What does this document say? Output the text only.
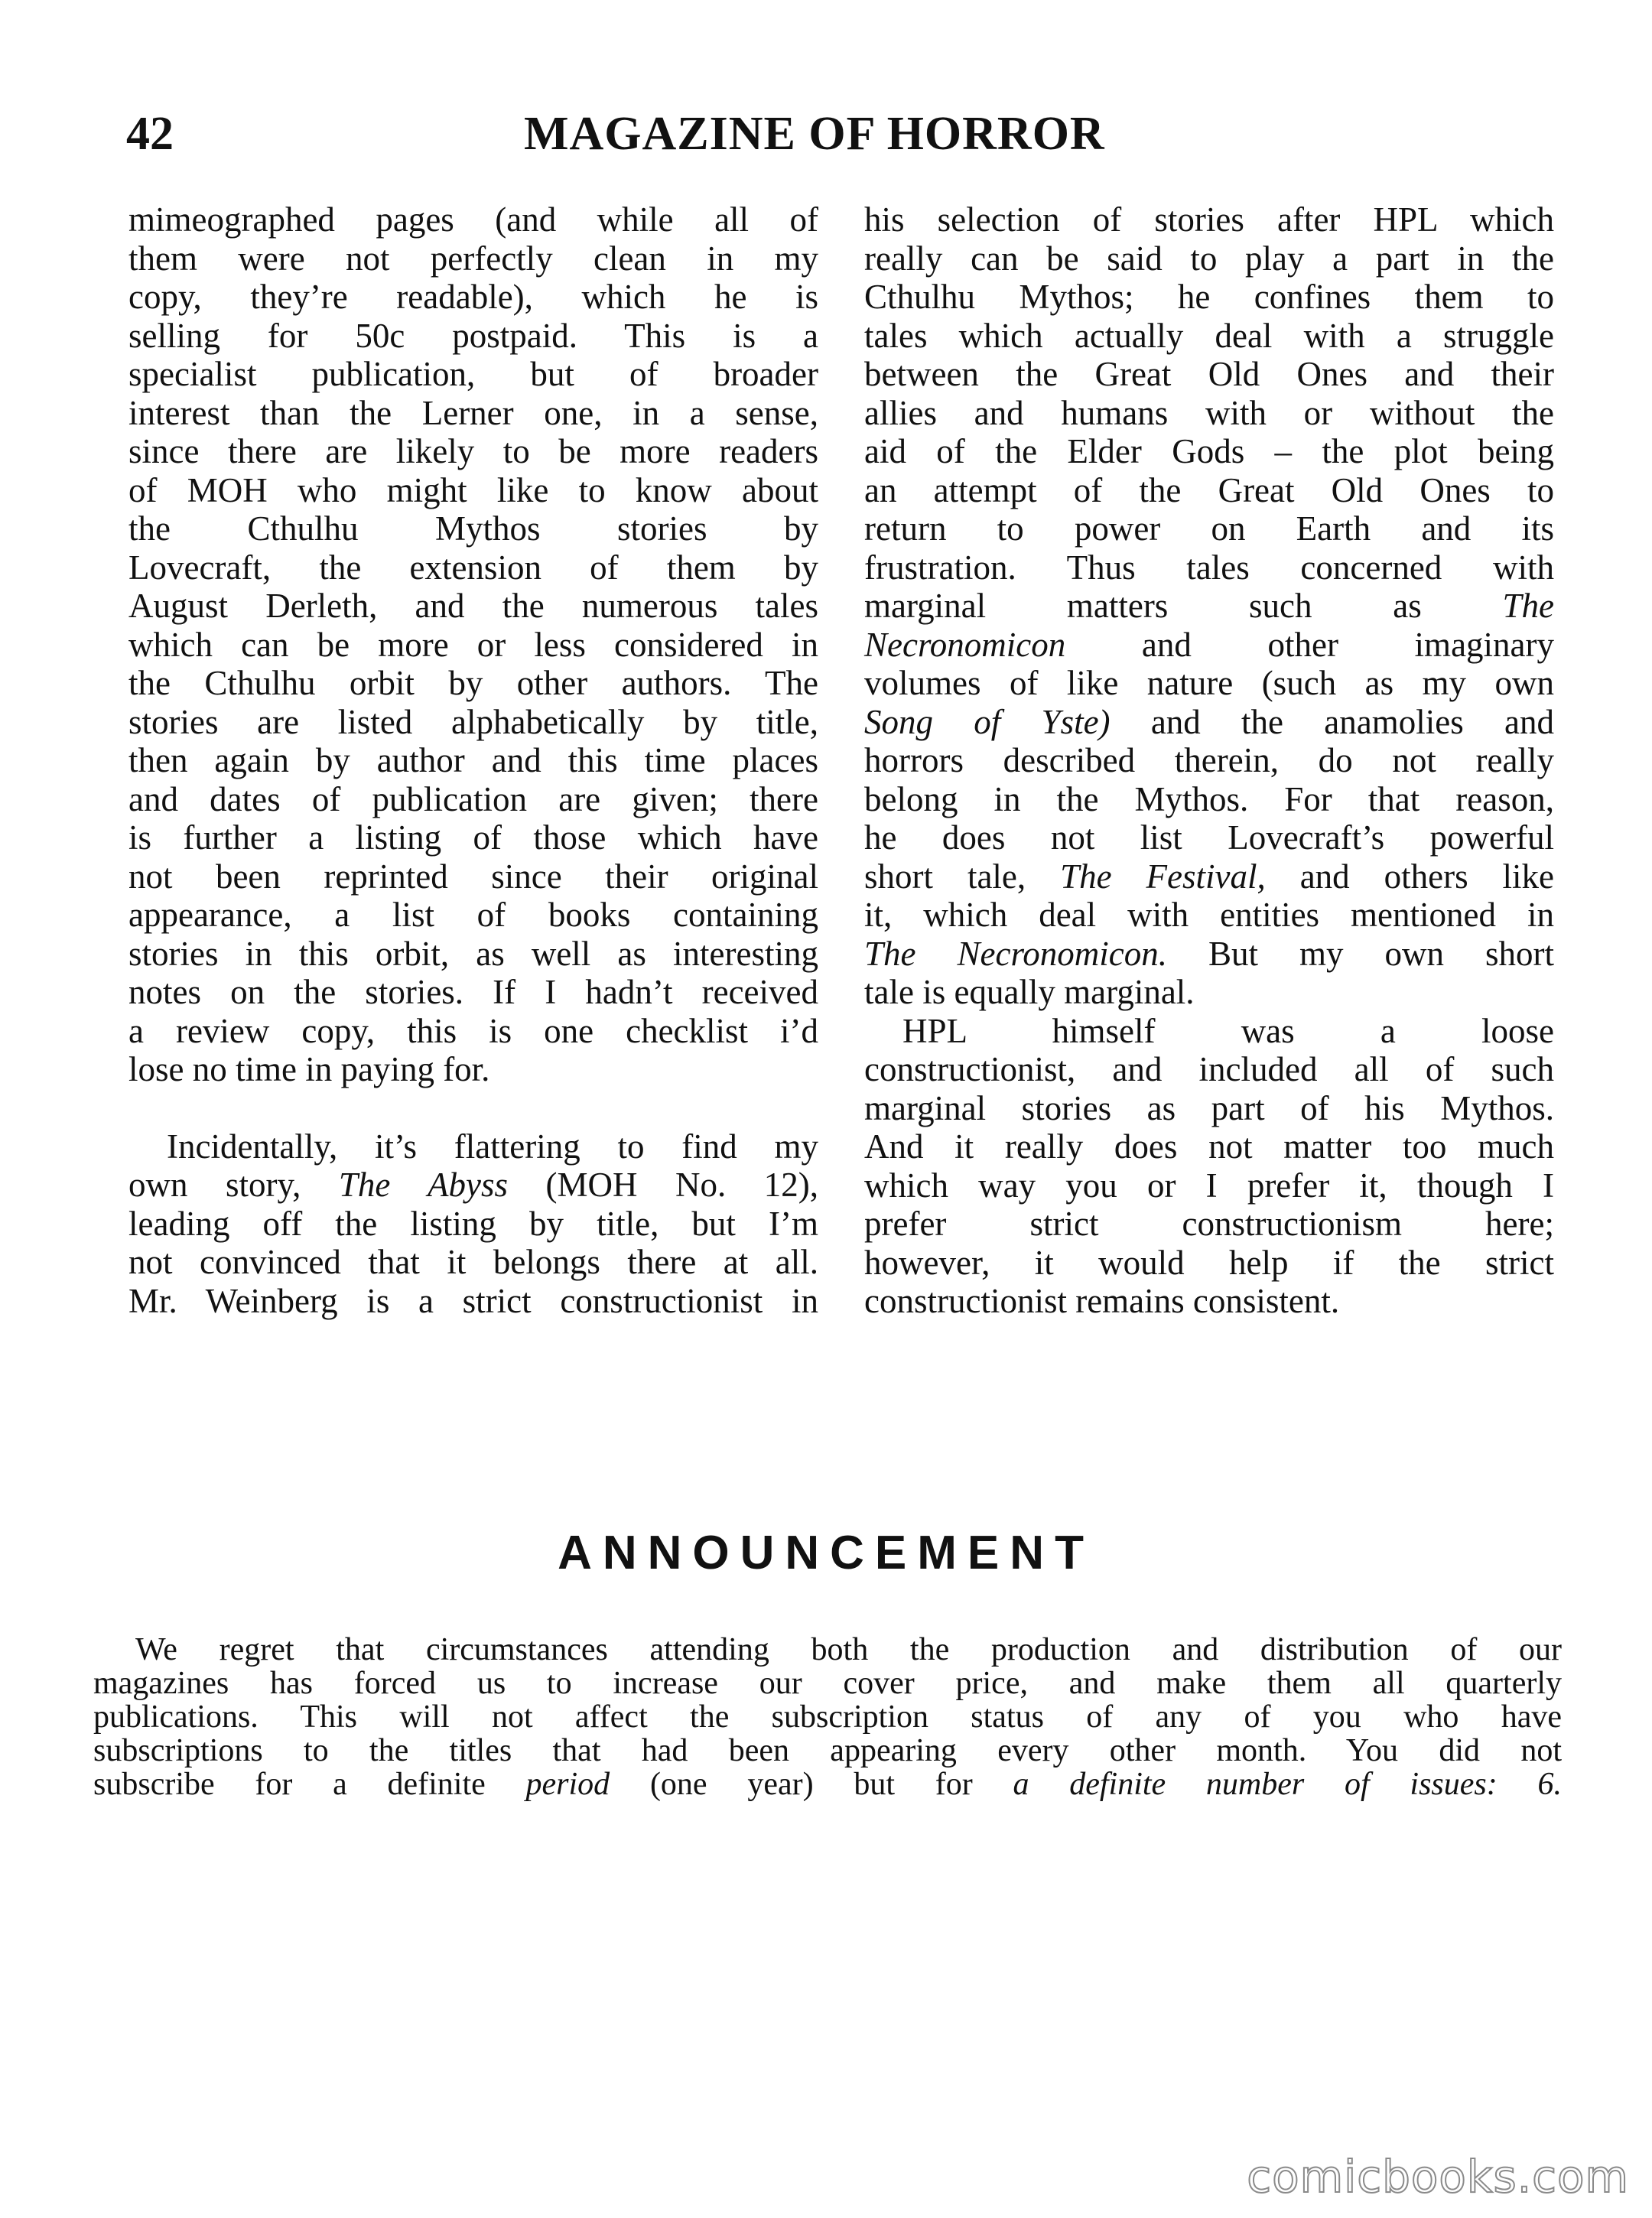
42	MAGAZINE OF HORROR
mimeographed pages (and while all of
them were not perfectly clean in my
copy, they’re readable), which he is
selling for 50c postpaid. This is a
specialist publication, but of broader
interest than the Lerner one, in a sense,
since there are likely to be more readers
of MOH who might like to know about
the Cthulhu Mythos stories by
Lovecraft, the extension of them by
August Derleth, and the numerous tales
which can be more or less considered in
the Cthulhu orbit by other authors. The
stories are listed alphabetically by title,
then again by author and this time places
and dates of publication are given; there
is further a listing of those which have
not been reprinted since their original
appearance, a list of books containing
stories in this orbit, as well as interesting
notes on the stories. If I hadn’t received
a review copy, this is one checklist i’d
lose no time in paying for.
Incidentally, it’s flattering to find my
own story, The Abyss (MOH No. 12),
leading off the listing by title, but I’m
not convinced that it belongs there at all.
Mr. Weinberg is a strict constructionist in
his selection of stories after HPL which
really can be said to play a part in the
Cthulhu Mythos; he confines them to
tales which actually deal with a struggle
between the Great Old Ones and their
allies and humans with or without the
aid of the Elder Gods – the plot being
an attempt of the Great Old Ones to
return to power on Earth and its
frustration. Thus tales concerned with
marginal matters such as The
Necronomicon and other imaginary
volumes of like nature (such as my own
Song of Yste) and the anamolies and
horrors described therein, do not really
belong in the Mythos. For that reason,
he does not list Lovecraft’s powerful
short tale, The Festival, and others like
it, which deal with entities mentioned in
The Necronomicon. But my own short
tale is equally marginal.
HPL himself was a loose
constructionist, and included all of such
marginal stories as part of his Mythos.
And it really does not matter too much
which way you or I prefer it, though I
prefer strict constructionism here;
however, it would help if the strict
constructionist remains consistent.
ANNOUNCEMENT
We regret that circumstances attending both the production and distribution of our
magazines has forced us to increase our cover price, and make them all quarterly
publications. This will not affect the subscription status of any of you who have
subscriptions to the titles that had been appearing every other month. You did not
subscribe for a definite period (one year) but for a definite number of issues: 6.
comicbooks.com
